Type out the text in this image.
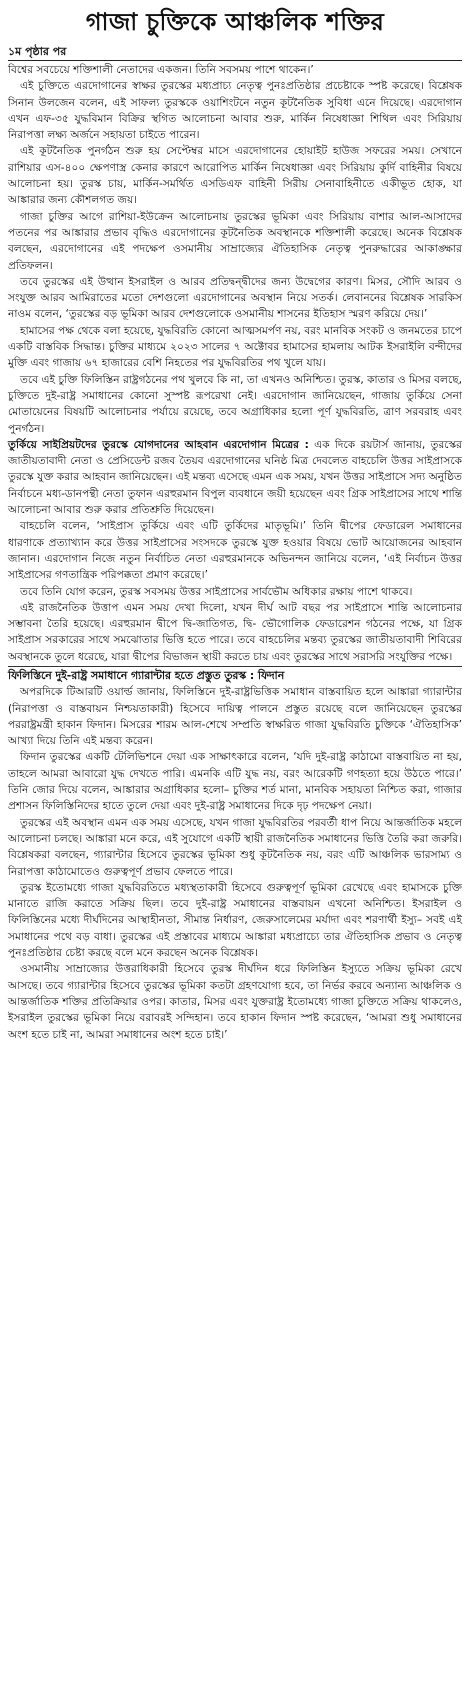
গাজা চুক্তিকে আঞ্চলিক শক্তির
১ম পৃষ্ঠার পর

বিশ্বের সবচেয়ে শক্তিশালী নেতাদের একজন। তিনি সবসময় পাশে থাকেন।’

এই চুক্তিতে এরদোগানের স্বাক্ষর তুরস্কের মধ্যপ্রাচ্য নেতৃত্ব পুনঃপ্রতিষ্ঠার প্রচেষ্টাকে স্পষ্ট করেছে। বিশ্লেষক সিনান উলজেন বলেন, এই সাফল্য তুরস্ককে ওয়াশিংটনে নতুন কূটনৈতিক সুবিধা এনে দিয়েছে। এরদোগান এখন এফ-৩৫ যুদ্ধবিমান বিক্রির স্থগিত আলোচনা আবার শুরু, মার্কিন নিষেধাজ্ঞা শিথিল এবং সিরিয়ায় নিরাপত্তা লক্ষ্য অর্জনে সহায়তা চাইতে পারেন।

এই কূটনৈতিক পুনর্গঠন শুরু হয় সেপ্টেম্বর মাসে এরদোগানের হোয়াইট হাউজ সফরের সময়। সেখানে রাশিয়ার এস-৪০০ ক্ষেপণাস্ত্র কেনার কারণে আরোপিত মার্কিন নিষেধাজ্ঞা এবং সিরিয়ায় কুর্দি বাহিনীর বিষয়ে আলোচনা হয়। তুরস্ক চায়, মার্কিন-সমর্থিত এসডিএফ বাহিনী সিরীয় সেনাবাহিনীতে একীভূত হোক, যা আঙ্কারার জন্য কৌশলগত জয়।

গাজা চুক্তির আগে রাশিয়া-ইউক্রেন আলোচনায় তুরস্কের ভূমিকা এবং সিরিয়ায় বাশার আল-আসাদের পতনের পর আঙ্কারার প্রভাব বৃদ্ধিও এরদোগানের কূটনৈতিক অবস্থানকে শক্তিশালী করেছে। অনেক বিশ্লেষক বলছেন, এরদোগানের এই পদক্ষেপ ওসমানীয় সাম্রাজ্যের ঐতিহাসিক নেতৃত্ব পুনরুদ্ধারের আকাঙ্ক্ষার প্রতিফলন।

তবে তুরস্কের এই উত্থান ইসরাইল ও আরব প্রতিদ্বন্দ্বীদের জন্য উদ্বেগের কারণ। মিসর, সৌদি আরব ও সংযুক্ত আরব আমিরাতের মতো দেশগুলো এরদোগানের অবস্থান নিয়ে সতর্ক। লেবাননের বিশ্লেষক সারকিস নাওম বলেন, ‘তুরস্কের বড় ভূমিকা আরব দেশগুলোকে ওসমানীয় শাসনের ইতিহাস স্মরণ করিয়ে দেয়।’

হামাসের পক্ষ থেকে বলা হয়েছে, যুদ্ধবিরতি কোনো আত্মসমর্পণ নয়, বরং মানবিক সংকট ও জনমতের চাপে একটি বাস্তবিক সিদ্ধান্ত। চুক্তির মাধ্যমে ২০২৩ সালের ৭ অক্টোবর হামাসের হামলায় আটক ইসরাইলি বন্দীদের মুক্তি এবং গাজায় ৬৭ হাজারের বেশি নিহতের পর যুদ্ধবিরতির পথ খুলে যায়।

তবে এই চুক্তি ফিলিস্তিন রাষ্ট্রগঠনের পথ খুলবে কি না, তা এখনও অনিশ্চিত। তুরস্ক, কাতার ও মিসর বলছে, চুক্তিতে দুই-রাষ্ট্র সমাধানের কোনো সুস্পষ্ট রূপরেখা নেই। এরদোগান জানিয়েছেন, গাজায় তুর্কিয়ে সেনা মোতায়েনের বিষয়টি আলোচনার পর্যায়ে রয়েছে, তবে অগ্রাধিকার হলো পূর্ণ যুদ্ধবিরতি, ত্রাণ সরবরাহ এবং পুনর্গঠন।

তুর্কিয়ে সাইপ্রিয়টদের তুরস্কে যোগদানের আহবান এরদোগান মিত্রের : এক দিকে রয়টার্স জানায়, তুরস্কের জাতীয়তাবাদী নেতা ও প্রেসিডেন্ট রজব তৈয়ব এরদোগানের ঘনিষ্ঠ মিত্র দেবলেত বাহচেলি উত্তর সাইপ্রাসকে তুরস্কে যুক্ত করার আহবান জানিয়েছেন। এই মন্তব্য এসেছে এমন এক সময়, যখন উত্তর সাইপ্রাসে সদ্য অনুষ্ঠিত নির্বাচনে মধ্য-ডানপন্থী নেতা তুফান এরহুরমান বিপুল ব্যবধানে জয়ী হয়েছেন এবং গ্রিক সাইপ্রাসের সাথে শান্তি আলোচনা আবার শুরু করার প্রতিশ্রুতি দিয়েছেন।

বাহচেলি বলেন, ‘সাইপ্রাস তুর্কিয়ে এবং এটি তুর্কিদের মাতৃভূমি।’ তিনি দ্বীপের ফেডারেল সমাধানের ধারণাকে প্রত্যাখ্যান করে উত্তর সাইপ্রাসের সংসদকে তুরস্কে যুক্ত হওয়ার বিষয়ে ভোট আয়োজনের আহবান জানান। এরদোগান নিজে নতুন নির্বাচিত নেতা এরহুরমানকে অভিনন্দন জানিয়ে বলেন, ‘এই নির্বাচন উত্তর সাইপ্রাসের গণতান্ত্রিক পরিপক্কতা প্রমাণ করেছে।’

তবে তিনি যোগ করেন, তুরস্ক সবসময় উত্তর সাইপ্রাসের সার্বভৌম অধিকার রক্ষায় পাশে থাকবে।

এই রাজনৈতিক উত্তাপ এমন সময় দেখা দিলো, যখন দীর্ঘ আট বছর পর সাইপ্রাসে শান্তি আলোচনার সম্ভাবনা তৈরি হয়েছে। এরহুরমান দ্বীপে দ্বি-জাতিগত, দ্বি- ভৌগোলিক ফেডারেশন গঠনের পক্ষে, যা গ্রিক সাইপ্রাস সরকারের সাথে সমঝোতার ভিত্তি হতে পারে। তবে বাহচেলির মন্তব্য তুরস্কের জাতীয়তাবাদী শিবিরের অবস্থানকে তুলে ধরেছে, যারা দ্বীপের বিভাজন স্থায়ী করতে চায় এবং তুরস্কের সাথে সরাসরি সংযুক্তির পক্ষে।

ফিলিস্তিনে দুই-রাষ্ট্র সমাধানে গ্যারান্টার হতে প্রস্তুত তুরস্ক : ফিদান

অপরদিকে টিআরটি ওয়ার্ল্ড জানায়, ফিলিস্তিনে দুই-রাষ্ট্রভিত্তিক সমাধান বাস্তবায়িত হলে আঙ্কারা গ্যারান্টার (নিরাপত্তা ও বাস্তবায়ন নিশ্চয়তাকারী) হিসেবে দায়িত্ব পালনে প্রস্তুত রয়েছে বলে জানিয়েছেন তুরস্কের পররাষ্ট্রমন্ত্রী হাকান ফিদান। মিসরের শারম আল-শেখে সম্প্রতি স্বাক্ষরিত গাজা যুদ্ধবিরতি চুক্তিকে ‘ঐতিহাসিক’ আখ্যা দিয়ে তিনি এই মন্তব্য করেন।

ফিদান তুরস্কের একটি টেলিভিশনে দেয়া এক সাক্ষাৎকারে বলেন, ‘যদি দুই-রাষ্ট্র কাঠামো বাস্তবায়িত না হয়, তাহলে আমরা আবারো যুদ্ধ দেখতে পারি। এমনকি এটি যুদ্ধ নয়, বরং আরেকটি গণহত্যা হয়ে উঠতে পারে।’ তিনি জোর দিয়ে বলেন, আঙ্কারার অগ্রাধিকার হলো– চুক্তির শর্ত মানা, মানবিক সহায়তা নিশ্চিত করা, গাজার প্রশাসন ফিলিস্তিনিদের হাতে তুলে দেয়া এবং দুই-রাষ্ট্র সমাধানের দিকে দৃঢ় পদক্ষেপ নেয়া।

তুরস্কের এই অবস্থান এমন এক সময় এসেছে, যখন গাজা যুদ্ধবিরতির পরবর্তী ধাপ নিয়ে আন্তর্জাতিক মহলে আলোচনা চলছে। আঙ্কারা মনে করে, এই সুযোগে একটি স্থায়ী রাজনৈতিক সমাধানের ভিত্তি তৈরি করা জরুরি। বিশ্লেষকরা বলছেন, গ্যারান্টার হিসেবে তুরস্কের ভূমিকা শুধু কূটনৈতিক নয়, বরং এটি আঞ্চলিক ভারসাম্য ও নিরাপত্তা কাঠামোতেও গুরুত্বপূর্ণ প্রভাব ফেলতে পারে।

তুরস্ক ইতোমধ্যে গাজা যুদ্ধবিরতিতে মধ্যস্থতাকারী হিসেবে গুরুত্বপূর্ণ ভূমিকা রেখেছে এবং হামাসকে চুক্তি মানাতে রাজি করাতে সক্রিয় ছিল। তবে দুই-রাষ্ট্র সমাধানের বাস্তবায়ন এখনো অনিশ্চিত। ইসরাইল ও ফিলিস্তিনের মধ্যে দীর্ঘদিনের আস্থাহীনতা, সীমান্ত নির্ধারণ, জেরুসালেমের মর্যাদা এবং শরণার্থী ইস্যু– সবই এই সমাধানের পথে বড় বাধা। তুরস্কের এই প্রস্তাবের মাধ্যমে আঙ্কারা মধ্যপ্রাচ্যে তার ঐতিহাসিক প্রভাব ও নেতৃত্ব পুনঃপ্রতিষ্ঠার চেষ্টা করছে বলে মনে করছেন অনেক বিশ্লেষক।

ওসমানীয় সাম্রাজ্যের উত্তরাধিকারী হিসেবে তুরস্ক দীর্ঘদিন ধরে ফিলিস্তিন ইস্যুতে সক্রিয় ভূমিকা রেখে আসছে। তবে গ্যারান্টার হিসেবে তুরস্কের ভূমিকা কতটা গ্রহণযোগ্য হবে, তা নির্ভর করবে অন্যান্য আঞ্চলিক ও আন্তর্জাতিক শক্তির প্রতিক্রিয়ার ওপর। কাতার, মিসর এবং যুক্তরাষ্ট্র ইতোমধ্যে গাজা চুক্তিতে সক্রিয় থাকলেও, ইসরাইল তুরস্কের ভূমিকা নিয়ে বরাবরই সন্দিহান। তবে হাকান ফিদান স্পষ্ট করেছেন, ‘আমরা শুধু সমাধানের অংশ হতে চাই না, আমরা সমাধানের অংশ হতে চাই।’
